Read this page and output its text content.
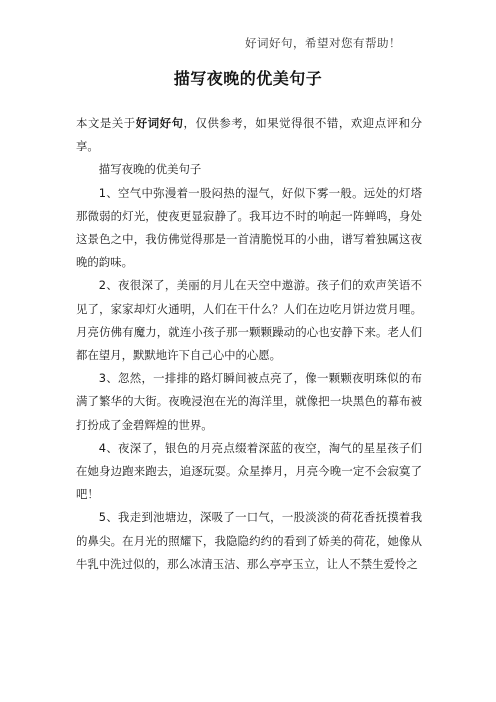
好词好句，希望对您有帮助！
描写夜晚的优美句子

本文是关于好词好句，仅供参考，如果觉得很不错，欢迎点评和分享。

描写夜晚的优美句子

1、空气中弥漫着一股闷热的湿气，好似下雾一般。远处的灯塔那微弱的灯光，使夜更显寂静了。我耳边不时的响起一阵蝉鸣，身处这景色之中，我仿佛觉得那是一首清脆悦耳的小曲，谱写着独属这夜晚的韵味。

2、夜很深了，美丽的月儿在天空中遨游。孩子们的欢声笑语不见了，家家却灯火通明，人们在干什么？人们在边吃月饼边赏月哩。月亮仿佛有魔力，就连小孩子那一颗颗躁动的心也安静下来。老人们都在望月，默默地许下自己心中的心愿。

3、忽然，一排排的路灯瞬间被点亮了，像一颗颗夜明珠似的布满了繁华的大街。夜晚浸泡在光的海洋里，就像把一块黑色的幕布被打扮成了金碧辉煌的世界。

4、夜深了，银色的月亮点缀着深蓝的夜空，淘气的星星孩子们在她身边跑来跑去，追逐玩耍。众星捧月，月亮今晚一定不会寂寞了吧！

5、我走到池塘边，深吸了一口气，一股淡淡的荷花香抚摸着我的鼻尖。在月光的照耀下，我隐隐约约的看到了娇美的荷花，她像从牛乳中洗过似的，那么冰清玉洁、那么亭亭玉立，让人不禁生爱怜之
